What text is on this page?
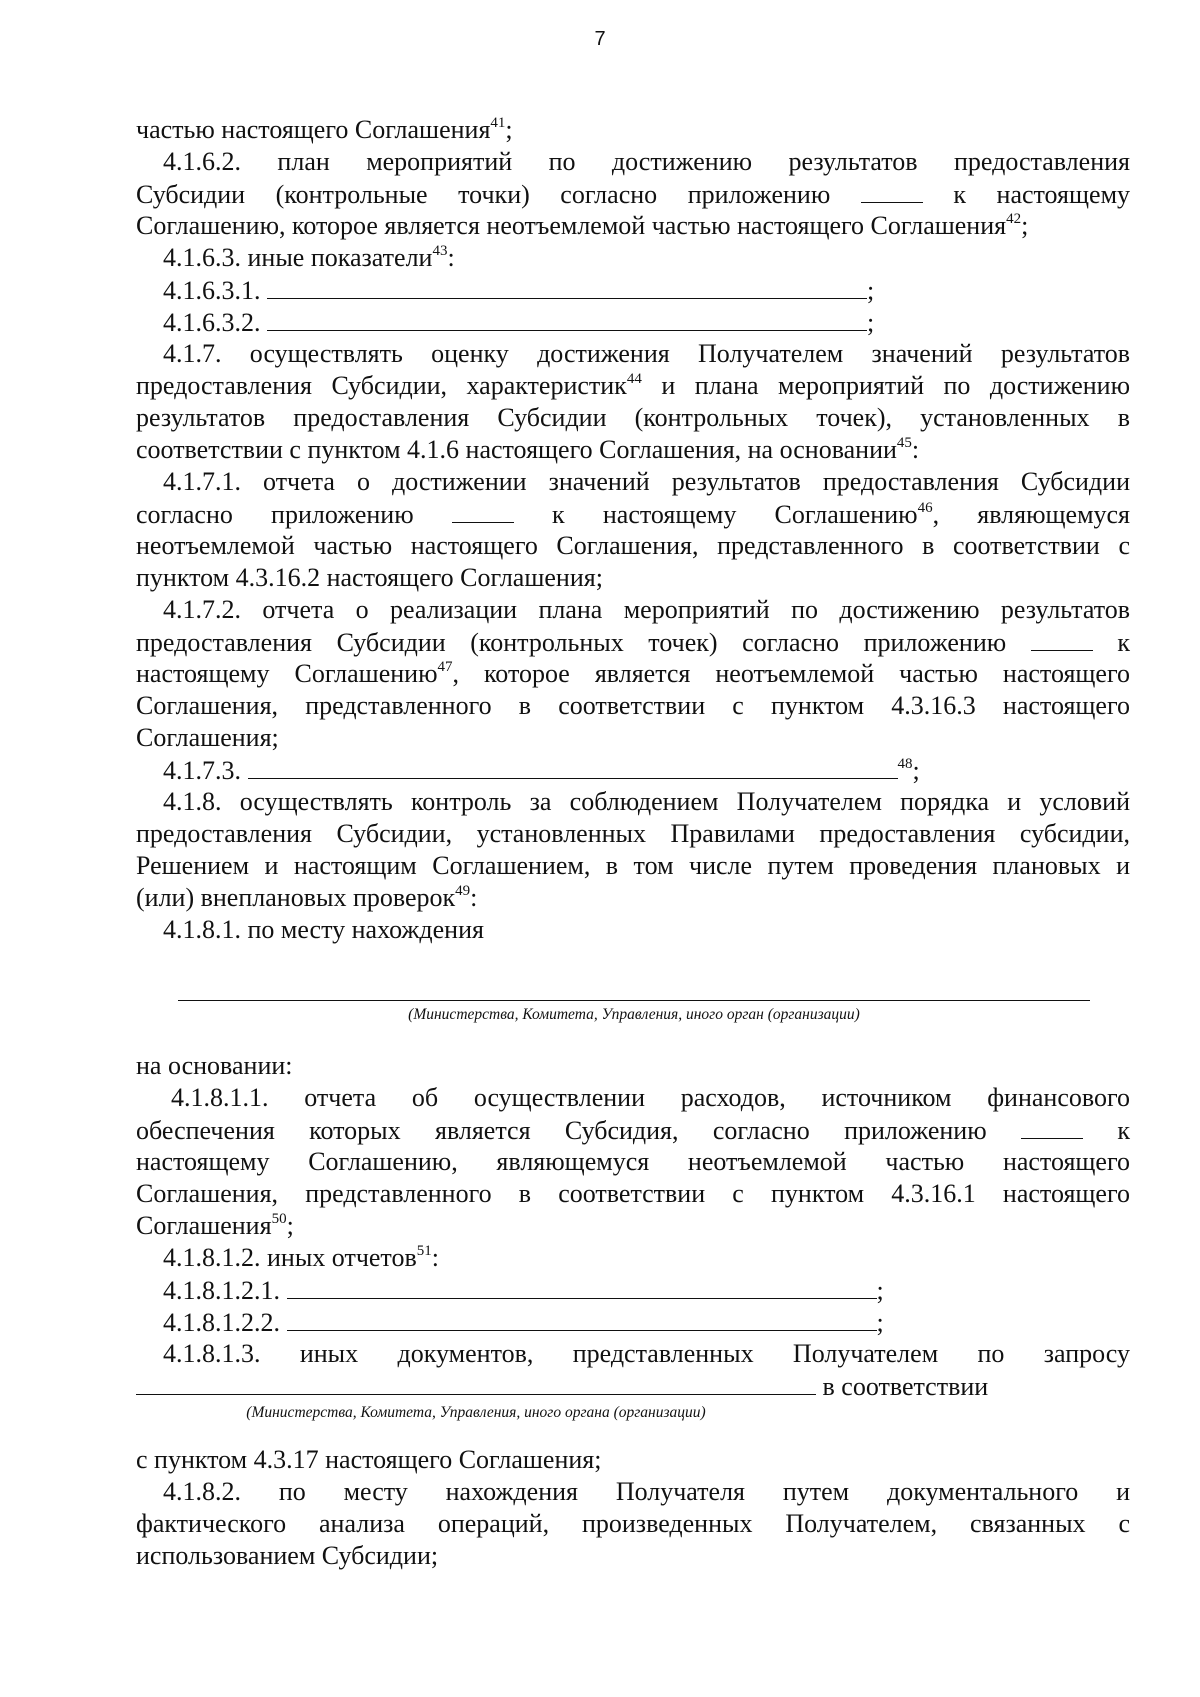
7
частью настоящего Соглашения$^{41}$;
4.1.6.2. план мероприятий по достижению результатов предоставления
Субсидии (контрольные точки) согласно приложению	к настоящему
Соглашению, которое является неотъемлемой частью настоящего Соглашения$^{42}$;
4.1.6.3. иные показатели$^{43}$:
4.1.6.3.1.	;
4.1.6.3.2.	;
4.1.7. осуществлять оценку достижения Получателем значений результатов
предоставления Субсидии, характеристик$^{44}$ и плана мероприятий по достижению
результатов предоставления Субсидии (контрольных точек), установленных в
соответствии с пунктом 4.1.6 настоящего Соглашения, на основании$^{45}$:
4.1.7.1. отчета о достижении значений результатов предоставления Субсидии
согласно приложению	к настоящему Соглашению$^{46}$, являющемуся
неотъемлемой частью настоящего Соглашения, представленного в соответствии с
пунктом 4.3.16.2 настоящего Соглашения;
4.1.7.2. отчета о реализации плана мероприятий по достижению результатов
предоставления Субсидии (контрольных точек) согласно приложению	к
настоящему Соглашению$^{47}$, которое является неотъемлемой частью настоящего
Соглашения, представленного в соответствии с пунктом 4.3.16.3 настоящего
Соглашения;
4.1.7.3.	$^{48}$;
4.1.8. осуществлять контроль за соблюдением Получателем порядка и условий
предоставления Субсидии, установленных Правилами предоставления субсидии,
Решением и настоящим Соглашением, в том числе путем проведения плановых и
(или) внеплановых проверок$^{49}$:
4.1.8.1. по месту нахождения
(Министерства, Комитета, Управления, иного орган (организации)
на основании:
4.1.8.1.1. отчета об осуществлении расходов, источником финансового
обеспечения которых является Субсидия, согласно приложению	к
настоящему Соглашению, являющемуся неотъемлемой частью настоящего
Соглашения, представленного в соответствии с пунктом 4.3.16.1 настоящего
Соглашения$^{50}$;
4.1.8.1.2. иных отчетов$^{51}$:
4.1.8.1.2.1.	;
4.1.8.1.2.2.	;
4.1.8.1.3. иных документов, представленных Получателем по запросу
в соответствии
(Министерства, Комитета, Управления, иного органа (организации)
с пунктом 4.3.17 настоящего Соглашения;
4.1.8.2. по месту нахождения Получателя путем документального и
фактического анализа операций, произведенных Получателем, связанных с
использованием Субсидии;
